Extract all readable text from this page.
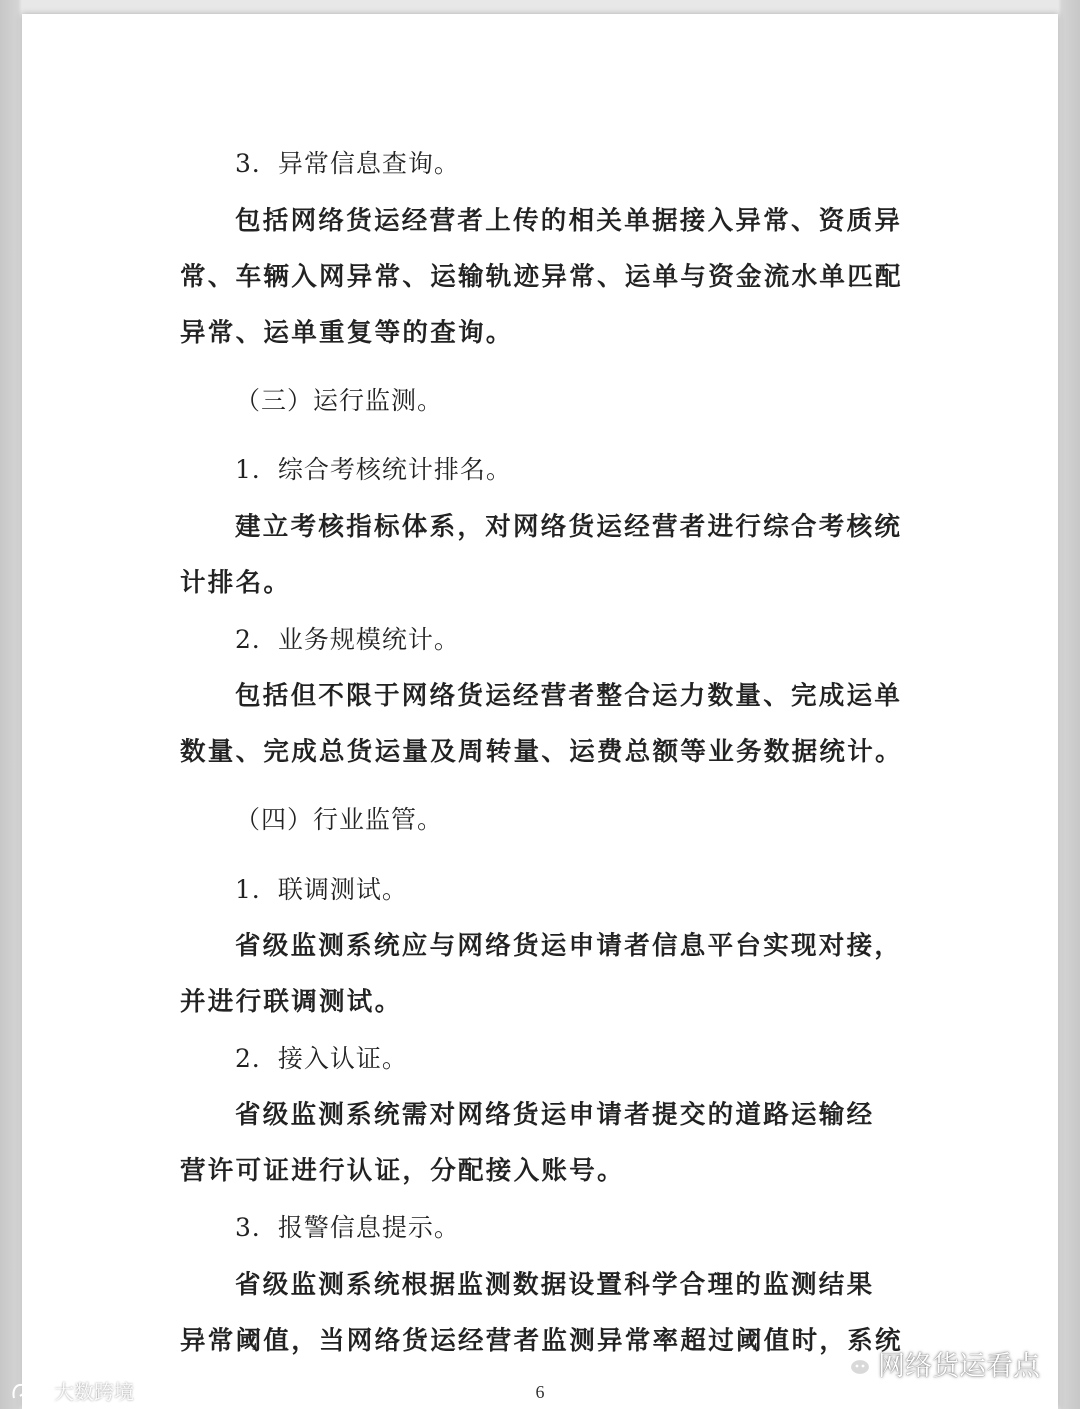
3．异常信息查询。
包括网络货运经营者上传的相关单据接入异常、资质异
常、车辆入网异常、运输轨迹异常、运单与资金流水单匹配
异常、运单重复等的查询。
（三）运行监测。
1．综合考核统计排名。
建立考核指标体系，对网络货运经营者进行综合考核统
计排名。
2．业务规模统计。
包括但不限于网络货运经营者整合运力数量、完成运单
数量、完成总货运量及周转量、运费总额等业务数据统计。
（四）行业监管。
1．联调测试。
省级监测系统应与网络货运申请者信息平台实现对接，
并进行联调测试。
2．接入认证。
省级监测系统需对网络货运申请者提交的道路运输经
营许可证进行认证，分配接入账号。
3．报警信息提示。
省级监测系统根据监测数据设置科学合理的监测结果
异常阈值，当网络货运经营者监测异常率超过阈值时，系统
6
大数跨境
网络货运看点
